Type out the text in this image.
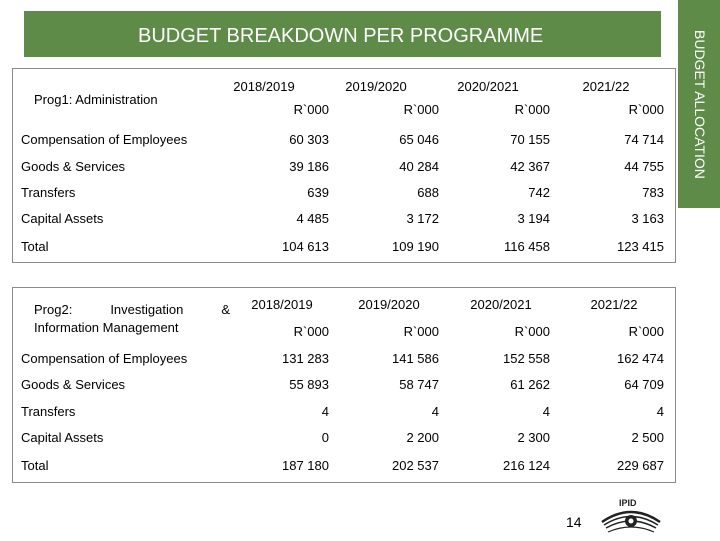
BUDGET BREAKDOWN PER PROGRAMME	BUDGET ALLOCATION
Prog1: Administration
2018/2019	2019/2020	2020/2021	2021/22
R`000	R`000	R`000	R`000
Compensation of Employees	60 303	65 046	70 155	74 714
Goods & Services	39 186	40 284	42 367	44 755
Transfers	639	688	742	783
Capital Assets	4 485	3 172	3 194	3 163
Total	104 613	109 190	116 458	123 415
Prog2:	Investigation	&
Information Management
2018/2019	2019/2020	2020/2021	2021/22
R`000	R`000	R`000	R`000
Compensation of Employees	131 283	141 586	152 558	162 474
Goods & Services	55 893	58 747	61 262	64 709
Transfers	4	4	4	4
Capital Assets	0	2 200	2 300	2 500
Total	187 180	202 537	216 124	229 687
14
IPID
